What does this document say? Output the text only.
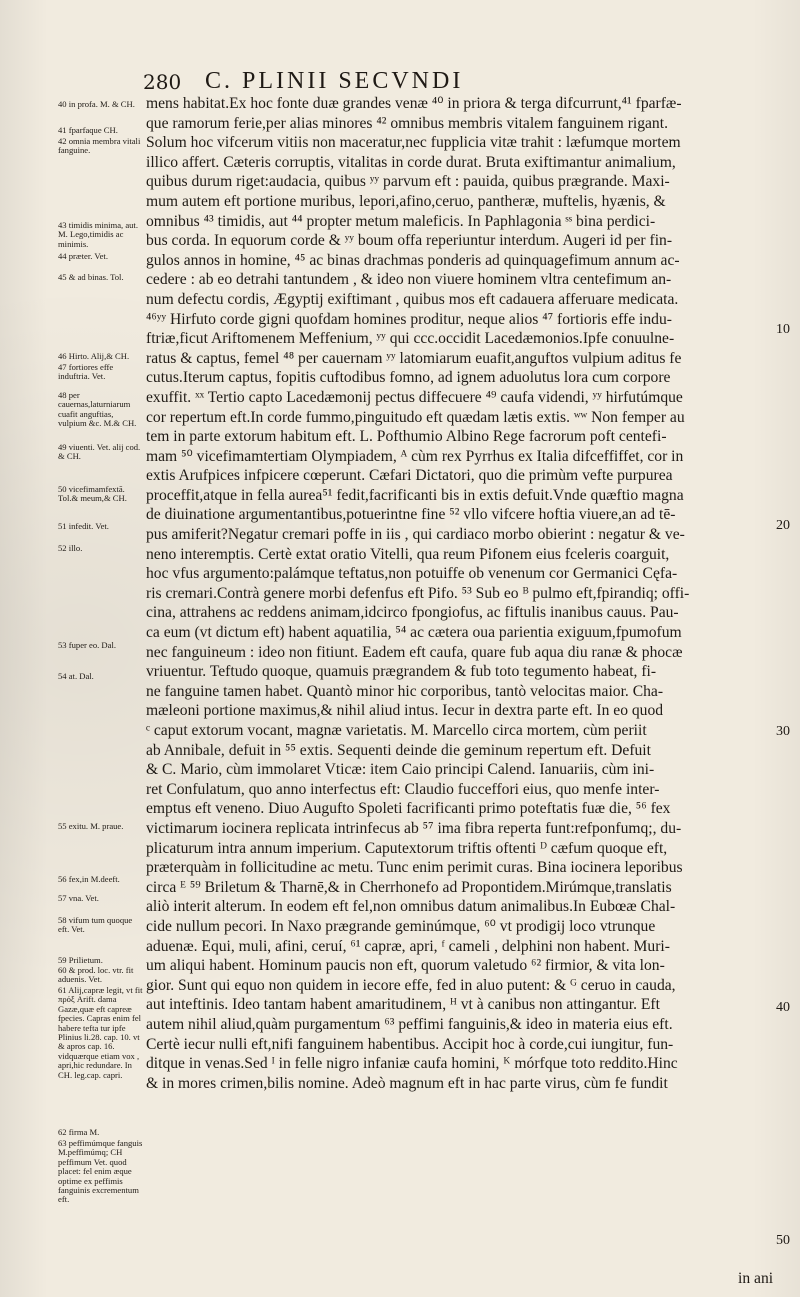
280 C. PLINII SECVNDI
mens habitat.Ex hoc fonte duæ grandes venæ ⁴⁰ in priora & terga difcurrunt,⁴¹ fparfæ-
que ramorum ferie,per alias minores ⁴² omnibus membris vitalem fanguinem rigant.
Solum hoc vifcerum vitiis non maceratur,nec fupplicia vitæ trahit : læfumque mortem
illico affert. Cæteris corruptis, vitalitas in corde durat. Bruta exiftimantur animalium,
quibus durum riget:audacia, quibus ʸʸ parvum eft : pauida, quibus prægrande. Maxi-
mum autem eft portione muribus, lepori,afino,ceruo, pantheræ, muftelis, hyænis, &
omnibus ⁴³ timidis, aut ⁴⁴ propter metum maleficis. In Paphlagonia ˢˢ bina perdici-
bus corda. In equorum corde & ʸʸ boum offa reperiuntur interdum. Augeri id per fin-
gulos annos in homine, ⁴⁵ ac binas drachmas ponderis ad quinquagefimum annum ac-
cedere : ab eo detrahi tantundem , & ideo non viuere hominem vltra centefimum an-
num defectu cordis, Ægyptij exiftimant , quibus mos eft cadauera afferuare medicata.
⁴⁶ʸʸ Hirfuto corde gigni quofdam homines proditur, neque alios ⁴⁷ fortioris effe indu-
ftriæ,ficut Ariftomenem Meffenium, ʸʸ qui ccc.occidit Lacedæmonios.Ipfe conuulne-
ratus & captus, femel ⁴⁸ per cauernam ʸʸ latomiarum euafit,anguftos vulpium aditus fe
cutus.Iterum captus, fopitis cuftodibus fomno, ad ignem aduolutus lora cum corpore
exuffit. ˣˣ Tertio capto Lacedæmonij pectus diffecuere ⁴⁹ caufa videndi, ʸʸ hirfutúmque
cor repertum eft.In corde fummo,pinguitudo eft quædam lætis extis. ʷʷ Non femper au
tem in parte extorum habitum eft. L. Pofthumio Albino Rege facrorum poft centefi-
mam ⁵⁰ vicefimamtertiam Olympiadem, ᴬ cùm rex Pyrrhus ex Italia difceffiffet, cor in
extis Arufpices infpicere cœperunt. Cæfari Dictatori, quo die primùm vefte purpurea
proceffit,atque in fella aurea⁵¹ fedit,facrificanti bis in extis defuit.Vnde quæftio magna
de diuinatione argumentantibus,potuerintne fine ⁵² vllo vifcere hoftia viuere,an ad tē-
pus amiferit?Negatur cremari poffe in iis , qui cardiaco morbo obierint : negatur & ve-
neno interemptis. Certè extat oratio Vitelli, qua reum Pifonem eius fceleris coarguit,
hoc vfus argumento:palámque teftatus,non potuiffe ob venenum cor Germanici Cęfa-
ris cremari.Contrà genere morbi defenfus eft Pifo. ⁵³ Sub eo ᴮ pulmo eft,fpirandiq; offi-
cina, attrahens ac reddens animam,idcirco fpongiofus, ac fiftulis inanibus cauus. Pau-
ca eum (vt dictum eft) habent aquatilia, ⁵⁴ ac cætera oua parientia exiguum,fpumofum
nec fanguineum : ideo non fitiunt. Eadem eft caufa, quare fub aqua diu ranæ & phocæ
vriuentur. Teftudo quoque, quamuis prægrandem & fub toto tegumento habeat, fi-
ne fanguine tamen habet. Quantò minor hic corporibus, tantò velocitas maior. Cha-
mæleoni portione maximus,& nihil aliud intus. Iecur in dextra parte eft. In eo quod
ᶜ caput extorum vocant, magnæ varietatis. M. Marcello circa mortem, cùm periit
ab Annibale, defuit in ⁵⁵ extis. Sequenti deinde die geminum repertum eft. Defuit
& C. Mario, cùm immolaret Vticæ: item Caio principi Calend. Ianuariis, cùm ini-
ret Confulatum, quo anno interfectus eft: Claudio fucceffori eius, quo menfe inter-
emptus eft veneno. Diuo Augufto Spoleti facrificanti primo poteftatis fuæ die, ⁵⁶ fex
victimarum iocinera replicata intrinfecus ab ⁵⁷ ima fibra reperta funt:refponfumq;, du-
plicaturum intra annum imperium. Caputextorum triftis oftenti ᴰ cæfum quoque eft,
præterquàm in follicitudine ac metu. Tunc enim perimit curas. Bina iocinera leporibus
circa ᴱ ⁵⁹ Briletum & Tharnē,& in Cherrhonefo ad Propontidem.Mirúmque,translatis
aliò interit alterum. In eodem eft fel,non omnibus datum animalibus.In Eubœæ Chal-
cide nullum pecori. In Naxo prægrande geminúmque, ⁶⁰ vt prodigij loco vtrunque
aduenæ. Equi, muli, afini, ceruí, ⁶¹ capræ, apri, ᶠ cameli , delphini non habent. Muri-
um aliqui habent. Hominum paucis non eft, quorum valetudo ⁶² firmior, & vita lon-
gior. Sunt qui equo non quidem in iecore effe, fed in aluo putent: & ᴳ ceruo in cauda,
aut inteftinis. Ideo tantam habent amaritudinem, ᴴ vt à canibus non attingantur. Eft
autem nihil aliud,quàm purgamentum ⁶³ peffimi fanguinis,& ideo in materia eius eft.
Certè iecur nulli eft,nifi fanguinem habentibus. Accipit hoc à corde,cui iungitur, fun-
ditque in venas.Sed ᴵ in felle nigro infaniæ caufa homini, ᴷ mórfque toto reddito.Hinc
& in mores crimen,bilis nomine. Adeò magnum eft in hac parte virus, cùm fe fundit
40 in profa. M. & CH.
41 fparfaque CH.
42 omnia membra vitali fanguine.
43 timidis minima, aut. M. Lego,timidis ac minimis.
44 præter. Vet.
45 & ad binas. Tol.
46 Hirto. Alij,& CH.
47 fortiores effe induftria. Vet.
48 per cauernas,laturniarum cuafit anguftias, vulpium &c. M.& CH.
49 viuenti. Vet. alij cod. & CH.
50 vicefimamfextā. Tol.& meum,& CH.
51 infedit. Vet.
52 illo.
53 fuper eo. Dal.
54 at. Dal.
55 exitu. M. praue.
56 fex,in M.deeft.
57 vna. Vet.
58 vifum tum quoque eft. Vet.
59 Prilietum.
60 & prod. loc. vtr. fit aduenis. Vet.
61 Alij,capræ legit, vt fit πρόξ Arift. dama Gazæ,quæ eft capreæ fpecies. Capras enim fel habere tefta tur ipfe Plinius li.28. cap. 10. vt & apros cap. 16. vidquærque etiam vox , apri,hic redundare. In CH. leg.cap. capri.
62 firma M.
63 peffimúmque fanguis M.peffimúmq; CH peffimum Vet. quod placet: fel enim æque optime ex peffimis fanguinis excrementum eft.
10
20
30
40
50
in ani
